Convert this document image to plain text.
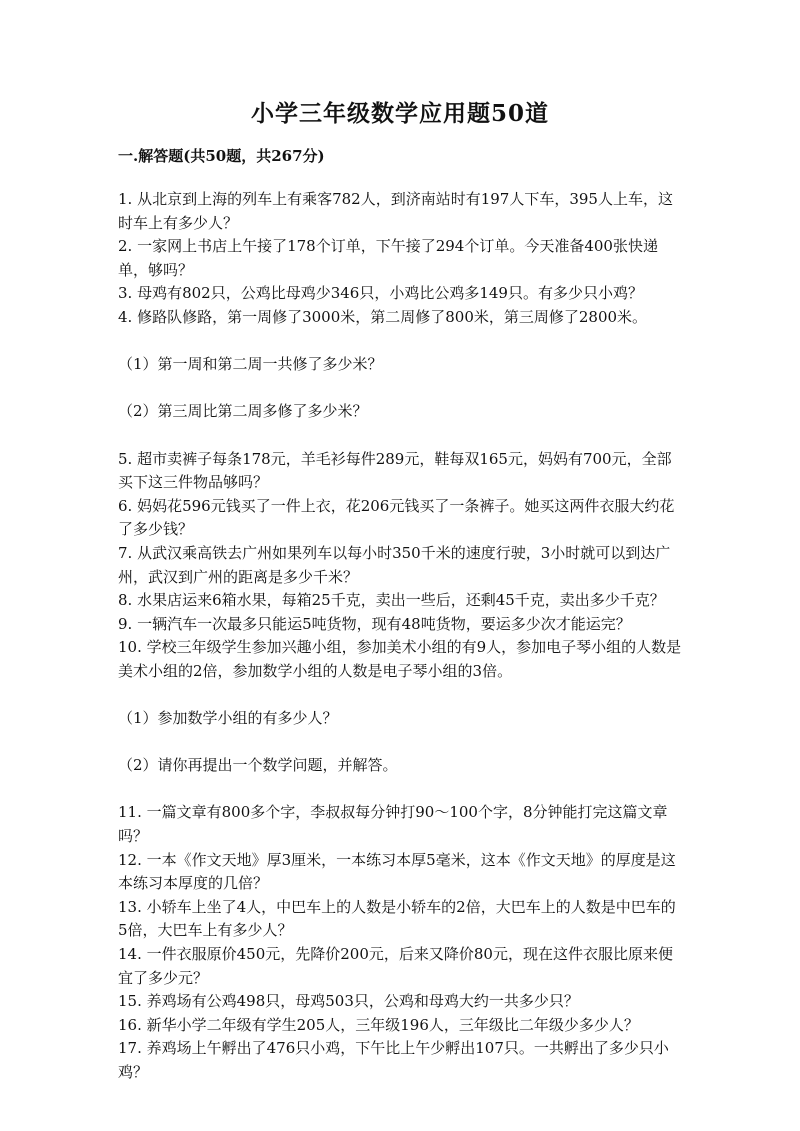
小学三年级数学应用题50道
一.解答题(共50题，共267分)

1. 从北京到上海的列车上有乘客782人，到济南站时有197人下车，395人上车，这时车上有多少人？

2. 一家网上书店上午接了178个订单，下午接了294个订单。今天准备400张快递单，够吗？

3. 母鸡有802只，公鸡比母鸡少346只，小鸡比公鸡多149只。有多少只小鸡？

4. 修路队修路，第一周修了3000米，第二周修了800米，第三周修了2800米。

（1）第一周和第二周一共修了多少米？

（2）第三周比第二周多修了多少米？

5. 超市卖裤子每条178元，羊毛衫每件289元，鞋每双165元，妈妈有700元，全部买下这三件物品够吗？

6. 妈妈花596元钱买了一件上衣，花206元钱买了一条裤子。她买这两件衣服大约花了多少钱？

7. 从武汉乘高铁去广州如果列车以每小时350千米的速度行驶，3小时就可以到达广州，武汉到广州的距离是多少千米？

8. 水果店运来6箱水果，每箱25千克，卖出一些后，还剩45千克，卖出多少千克？

9. 一辆汽车一次最多只能运5吨货物，现有48吨货物，要运多少次才能运完？

10. 学校三年级学生参加兴趣小组，参加美术小组的有9人，参加电子琴小组的人数是美术小组的2倍，参加数学小组的人数是电子琴小组的3倍。

（1）参加数学小组的有多少人？

（2）请你再提出一个数学问题，并解答。

11. 一篇文章有800多个字，李叔叔每分钟打90～100个字，8分钟能打完这篇文章吗？

12. 一本《作文天地》厚3厘米，一本练习本厚5毫米，这本《作文天地》的厚度是这本练习本厚度的几倍？

13. 小轿车上坐了4人，中巴车上的人数是小轿车的2倍，大巴车上的人数是中巴车的5倍，大巴车上有多少人？

14. 一件衣服原价450元，先降价200元，后来又降价80元，现在这件衣服比原来便宜了多少元？

15. 养鸡场有公鸡498只，母鸡503只，公鸡和母鸡大约一共多少只？

16. 新华小学二年级有学生205人，三年级196人，三年级比二年级少多少人？

17. 养鸡场上午孵出了476只小鸡，下午比上午少孵出107只。一共孵出了多少只小鸡？
